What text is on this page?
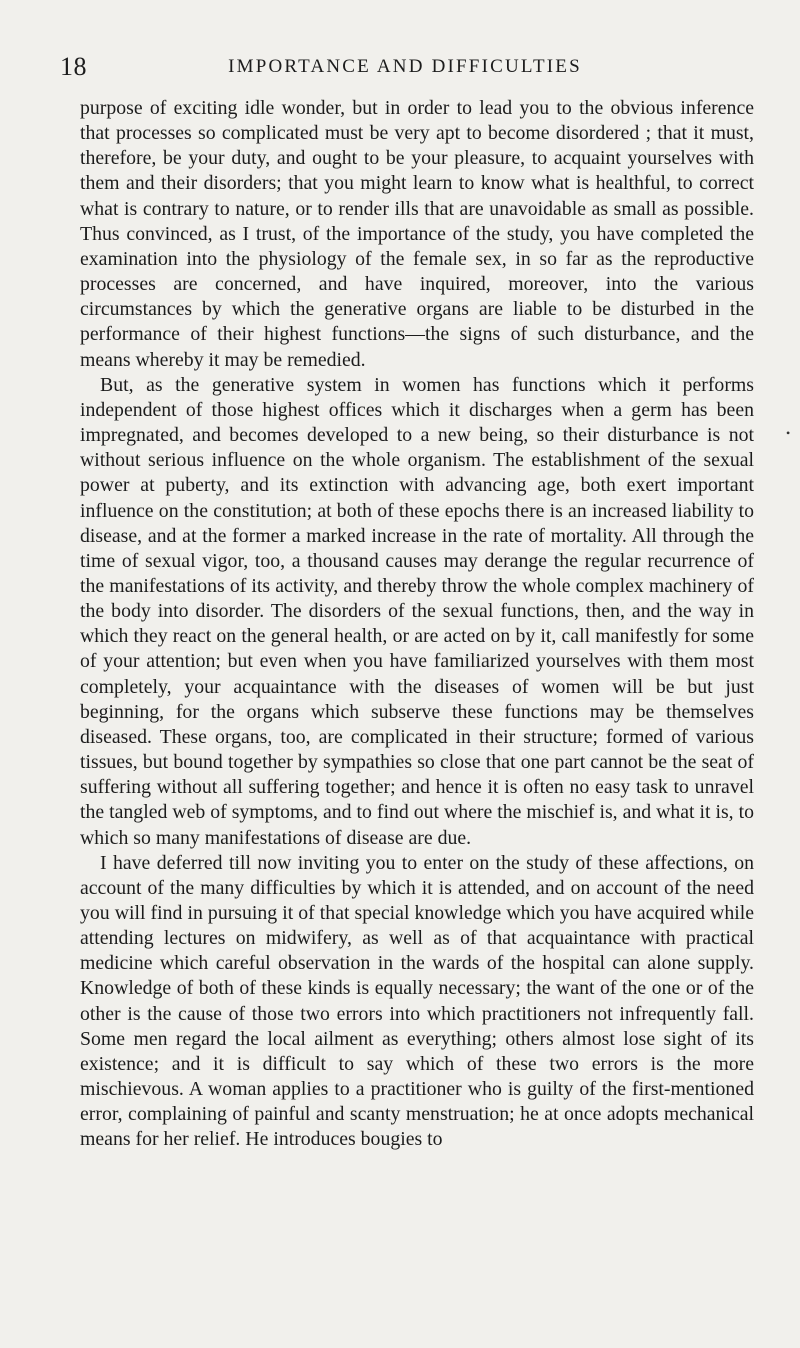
18	IMPORTANCE AND DIFFICULTIES

purpose of exciting idle wonder, but in order to lead you to the obvious inference that processes so complicated must be very apt to become disordered ; that it must, therefore, be your duty, and ought to be your pleasure, to acquaint yourselves with them and their disorders; that you might learn to know what is healthful, to correct what is contrary to nature, or to render ills that are unavoidable as small as possible. Thus convinced, as I trust, of the importance of the study, you have completed the examination into the physiology of the female sex, in so far as the reproductive processes are concerned, and have inquired, moreover, into the various circumstances by which the generative organs are liable to be disturbed in the performance of their highest functions—the signs of such disturbance, and the means whereby it may be remedied.

But, as the generative system in women has functions which it performs independent of those highest offices which it discharges when a germ has been impregnated, and becomes developed to a new being, so their disturbance is not without serious influence on the whole organism. The establishment of the sexual power at puberty, and its extinction with advancing age, both exert important influence on the constitution; at both of these epochs there is an increased liability to disease, and at the former a marked increase in the rate of mortality. All through the time of sexual vigor, too, a thousand causes may derange the regular recurrence of the manifestations of its activity, and thereby throw the whole complex machinery of the body into disorder. The disorders of the sexual functions, then, and the way in which they react on the general health, or are acted on by it, call manifestly for some of your attention; but even when you have familiarized yourselves with them most completely, your acquaintance with the diseases of women will be but just beginning, for the organs which subserve these functions may be themselves diseased. These organs, too, are complicated in their structure; formed of various tissues, but bound together by sympathies so close that one part cannot be the seat of suffering without all suffering together; and hence it is often no easy task to unravel the tangled web of symptoms, and to find out where the mischief is, and what it is, to which so many manifestations of disease are due.

I have deferred till now inviting you to enter on the study of these affections, on account of the many difficulties by which it is attended, and on account of the need you will find in pursuing it of that special knowledge which you have acquired while attending lectures on midwifery, as well as of that acquaintance with practical medicine which careful observation in the wards of the hospital can alone supply. Knowledge of both of these kinds is equally necessary; the want of the one or of the other is the cause of those two errors into which practitioners not infrequently fall. Some men regard the local ailment as everything; others almost lose sight of its existence; and it is difficult to say which of these two errors is the more mischievous. A woman applies to a practitioner who is guilty of the first-mentioned error, complaining of painful and scanty menstruation; he at once adopts mechanical means for her relief. He introduces bougies to

•
